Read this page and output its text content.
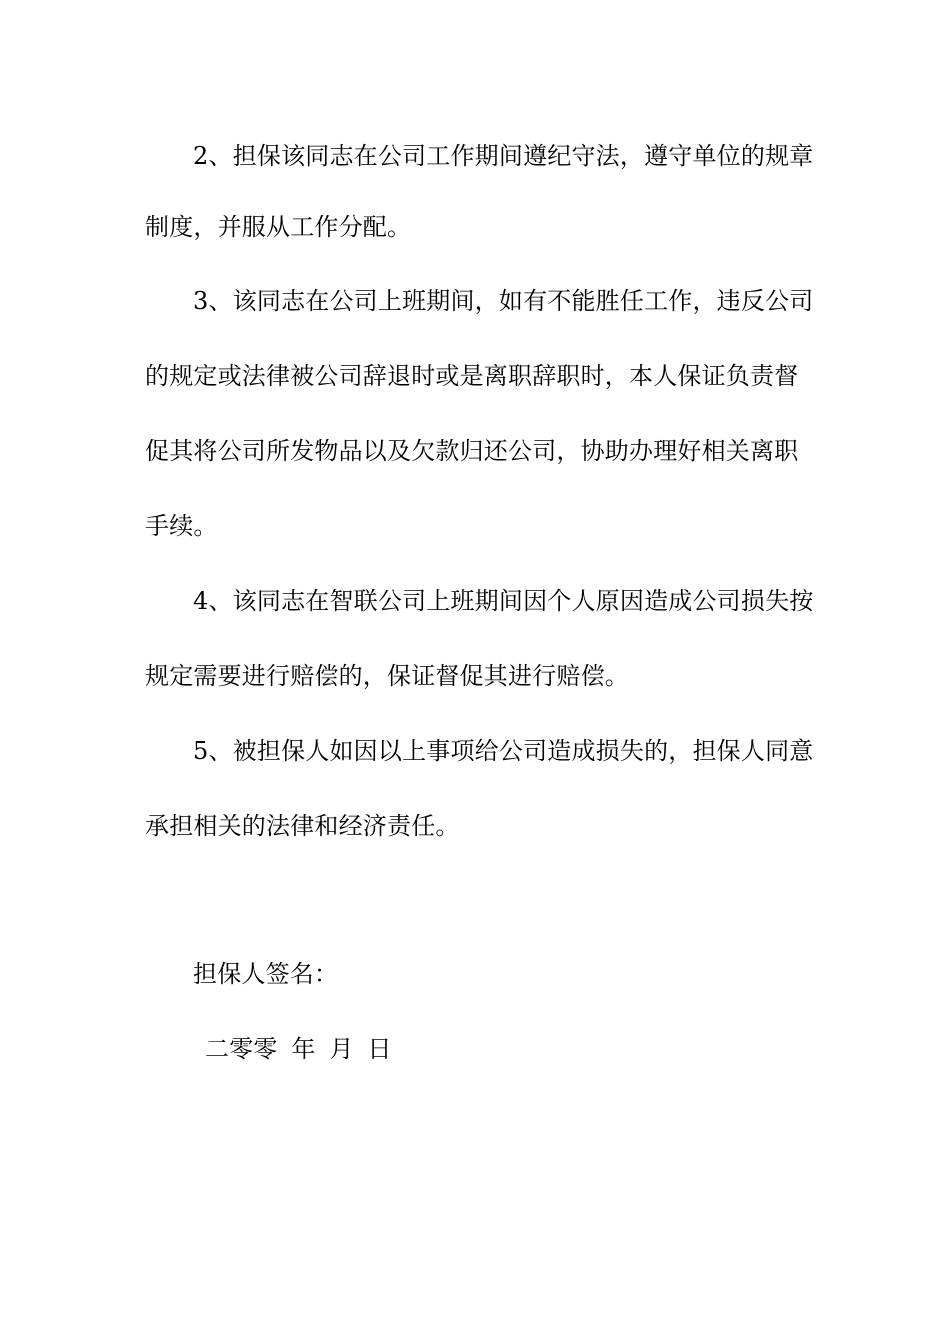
2、担保该同志在公司工作期间遵纪守法，遵守单位的规章
制度，并服从工作分配。
3、该同志在公司上班期间，如有不能胜任工作，违反公司
的规定或法律被公司辞退时或是离职辞职时，本人保证负责督
促其将公司所发物品以及欠款归还公司，协助办理好相关离职
手续。
4、该同志在智联公司上班期间因个人原因造成公司损失按
规定需要进行赔偿的，保证督促其进行赔偿。
5、被担保人如因以上事项给公司造成损失的，担保人同意
承担相关的法律和经济责任。
担保人签名：
二零零 年 月 日
